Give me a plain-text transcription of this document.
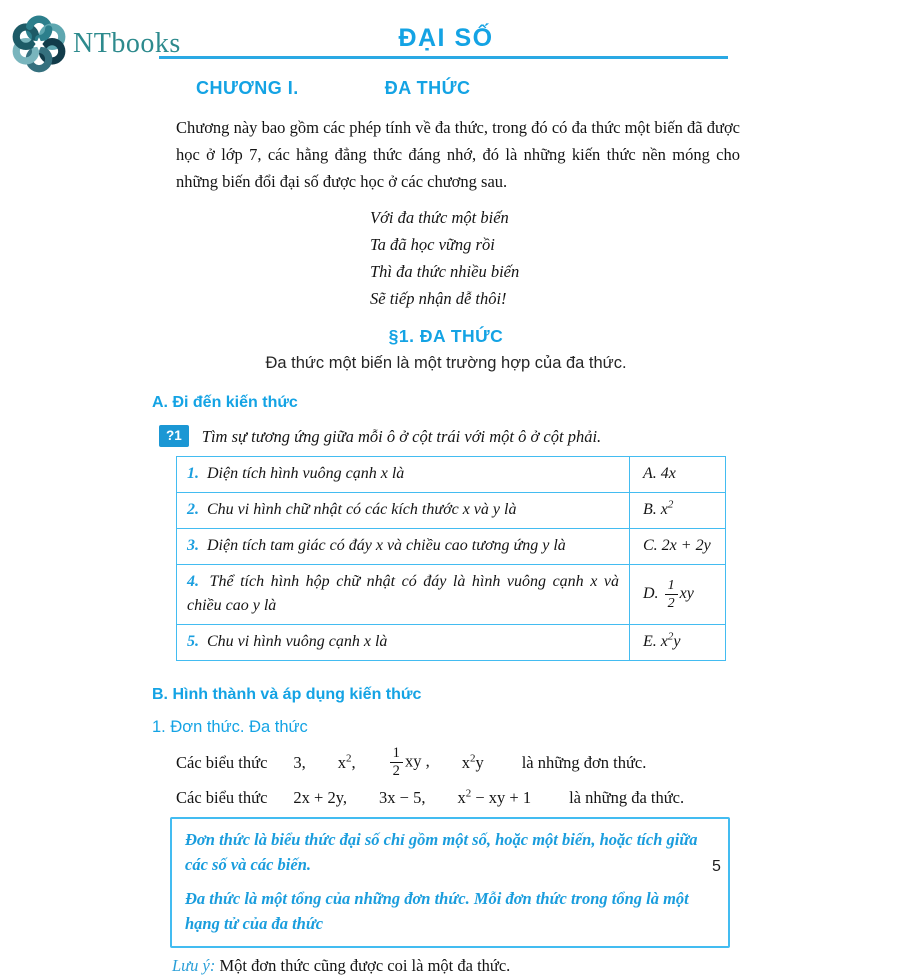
NTbooks	ĐẠI SỐ
CHƯƠNG I.	ĐA THỨC

Chương này bao gồm các phép tính về đa thức, trong đó có đa thức một biến đã được học ở lớp 7, các hằng đẳng thức đáng nhớ, đó là những kiến thức nền móng cho những biến đổi đại số được học ở các chương sau.

Với đa thức một biến
Ta đã học vững rồi
Thì đa thức nhiều biến
Sẽ tiếp nhận dễ thôi!
§1. ĐA THỨC
Đa thức một biến là một trường hợp của đa thức.
A. Đi đến kiến thức
?1	Tìm sự tương ứng giữa mỗi ô ở cột trái với một ô ở cột phải.
1. Diện tích hình vuông cạnh x là	A. 4x
2. Chu vi hình chữ nhật có các kích thước x và y là	B. $x^2$
3. Diện tích tam giác có đáy x và chiều cao tương ứng y là	C. 2x + 2y
4. Thể tích hình hộp chữ nhật có đáy là hình vuông cạnh x và chiều cao y là	D. $\frac{1}{2}$ xy
5. Chu vi hình vuông cạnh x là	E. $x^2y$
B. Hình thành và áp dụng kiến thức
1. Đơn thức. Đa thức
Các biểu thức 3, $x^2$, $\frac{1}{2}$ xy , $x^2y$ là những đơn thức.
Các biểu thức 2x + 2y, 3x − 5, $x^2$ − xy + 1 là những đa thức.

Đơn thức là biểu thức đại số chỉ gồm một số, hoặc một biến, hoặc tích giữa các số và các biến.

Đa thức là một tổng của những đơn thức. Mỗi đơn thức trong tổng là một hạng tử của đa thức

Lưu ý: Một đơn thức cũng được coi là một đa thức.
5
